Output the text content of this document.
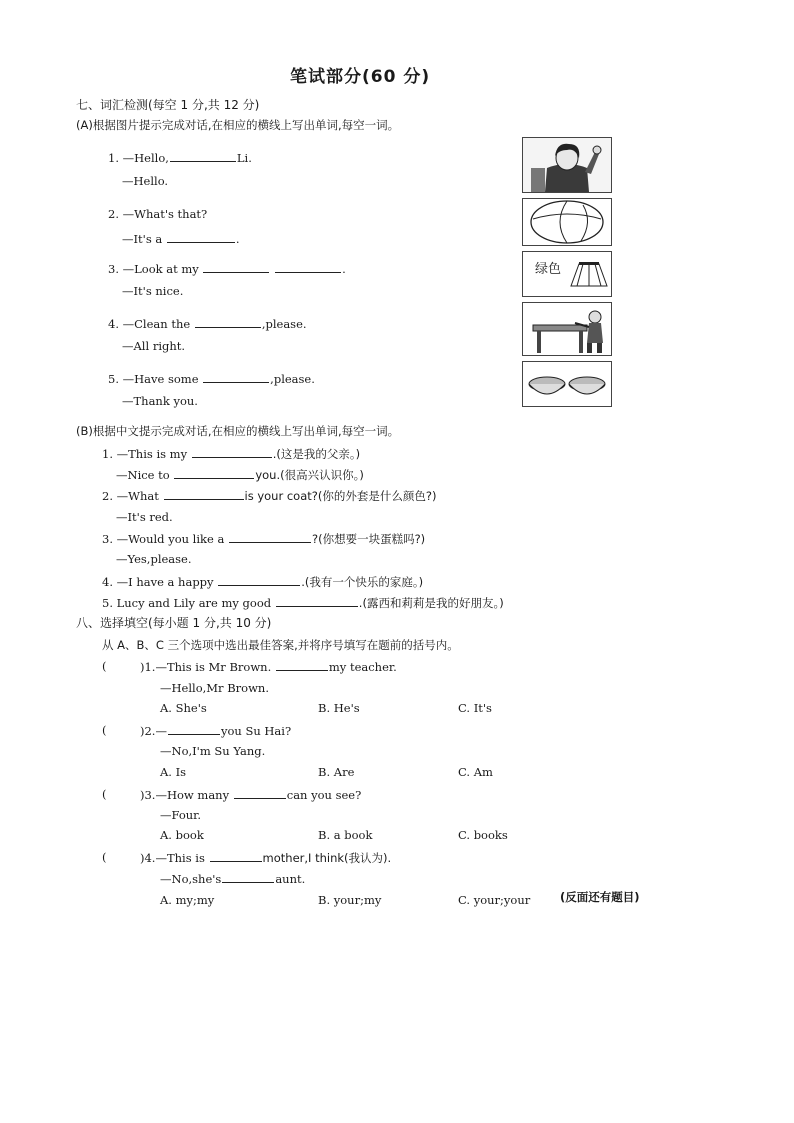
笔试部分(60 分)
七、词汇检测(每空 1 分,共 12 分)
(A)根据图片提示完成对话,在相应的横线上写出单词,每空一词。
1. —Hello,	Li.
—Hello.
2. —What's that?
—It's a	.
3. —Look at my	.
—It's nice.
4. —Clean the	,please.
—All right.
5. —Have some	,please.
—Thank you.
绿色
(B)根据中文提示完成对话,在相应的横线上写出单词,每空一词。
1. —This is my	.(这是我的父亲。)
—Nice to	you.(很高兴认识你。)
2. —What	is your coat?(你的外套是什么颜色?)
—It's red.
3. —Would you like a	?(你想要一块蛋糕吗?)
—Yes,please.
4. —I have a happy	.(我有一个快乐的家庭。)
5. Lucy and Lily are my good	.(露西和莉莉是我的好朋友。)
八、选择填空(每小题 1 分,共 10 分)
从 A、B、C 三个选项中选出最佳答案,并将序号填写在题前的括号内。
(	)1.—This is Mr Brown.	my teacher.
—Hello,Mr Brown.
A. She's	B. He's	C. It's
(	)2.—	you Su Hai?
—No,I'm Su Yang.
A. Is	B. Are	C. Am
(	)3.—How many	can you see?
—Four.
A. book	B. a book	C. books
(	)4.—This is	mother,I think(我认为).
—No,she's	aunt.
A. my;my	B. your;my	C. your;your	(反面还有题目)
